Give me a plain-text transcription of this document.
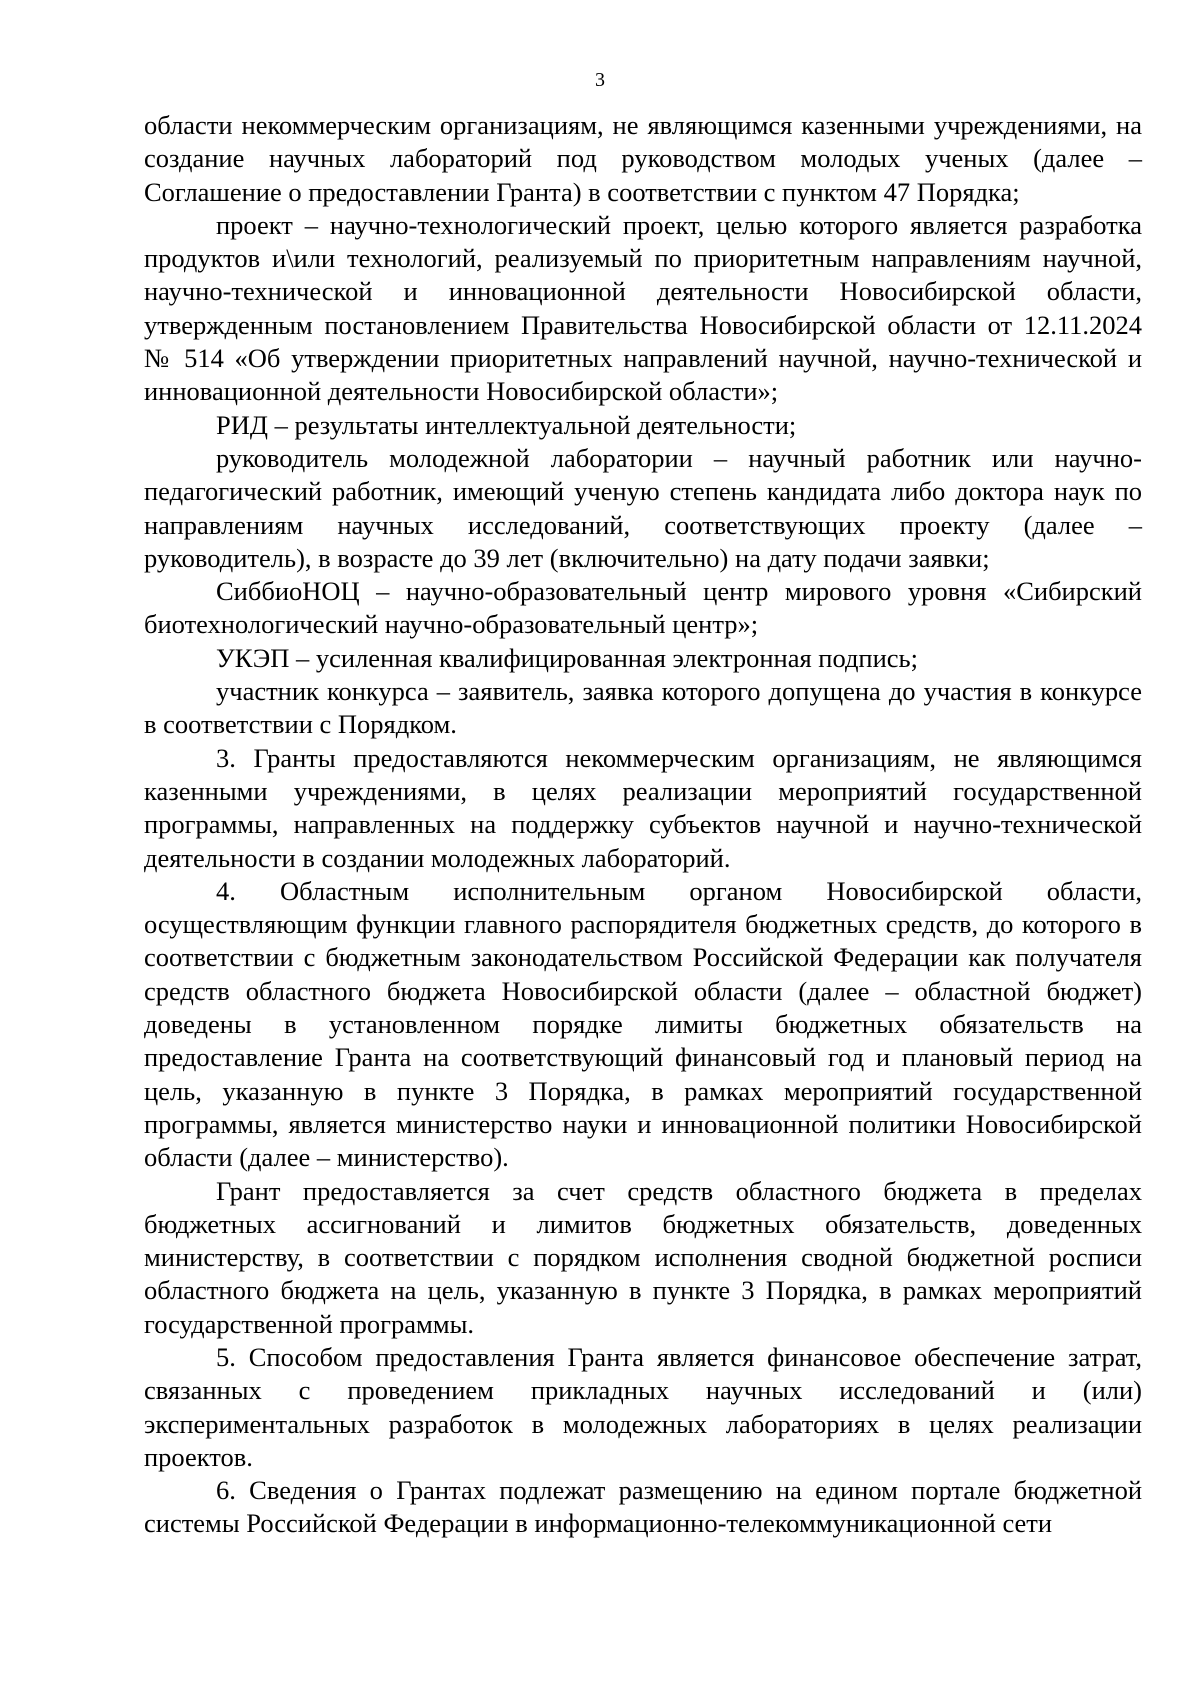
3

области некоммерческим организациям, не являющимся казенными учреждениями, на создание научных лабораторий под руководством молодых ученых (далее – Соглашение о предоставлении Гранта) в соответствии с пунктом 47 Порядка;

проект – научно-технологический проект, целью которого является разработка продуктов и\или технологий, реализуемый по приоритетным направлениям научной, научно-технической и инновационной деятельности Новосибирской области, утвержденным постановлением Правительства Новосибирской области от 12.11.2024 № 514 «Об утверждении приоритетных направлений научной, научно-технической и инновационной деятельности Новосибирской области»;

РИД – результаты интеллектуальной деятельности;

руководитель молодежной лаборатории – научный работник или научно-педагогический работник, имеющий ученую степень кандидата либо доктора наук по направлениям научных исследований, соответствующих проекту (далее – руководитель), в возрасте до 39 лет (включительно) на дату подачи заявки;

СиббиоНОЦ – научно-образовательный центр мирового уровня «Сибирский биотехнологический научно-образовательный центр»;

УКЭП – усиленная квалифицированная электронная подпись;

участник конкурса – заявитель, заявка которого допущена до участия в конкурсе в соответствии с Порядком.

3. Гранты предоставляются некоммерческим организациям, не являющимся казенными учреждениями, в целях реализации мероприятий государственной программы, направленных на поддержку субъектов научной и научно-технической деятельности в создании молодежных лабораторий.

4. Областным исполнительным органом Новосибирской области, осуществляющим функции главного распорядителя бюджетных средств, до которого в соответствии с бюджетным законодательством Российской Федерации как получателя средств областного бюджета Новосибирской области (далее – областной бюджет) доведены в установленном порядке лимиты бюджетных обязательств на предоставление Гранта на соответствующий финансовый год и плановый период на цель, указанную в пункте 3 Порядка, в рамках мероприятий государственной программы, является министерство науки и инновационной политики Новосибирской области (далее – министерство).

Грант предоставляется за счет средств областного бюджета в пределах бюджетных ассигнований и лимитов бюджетных обязательств, доведенных министерству, в соответствии с порядком исполнения сводной бюджетной росписи областного бюджета на цель, указанную в пункте 3 Порядка, в рамках мероприятий государственной программы.

5. Способом предоставления Гранта является финансовое обеспечение затрат, связанных с проведением прикладных научных исследований и (или) экспериментальных разработок в молодежных лабораториях в целях реализации проектов.

6. Сведения о Грантах подлежат размещению на едином портале бюджетной системы Российской Федерации в информационно-телекоммуникационной сети
